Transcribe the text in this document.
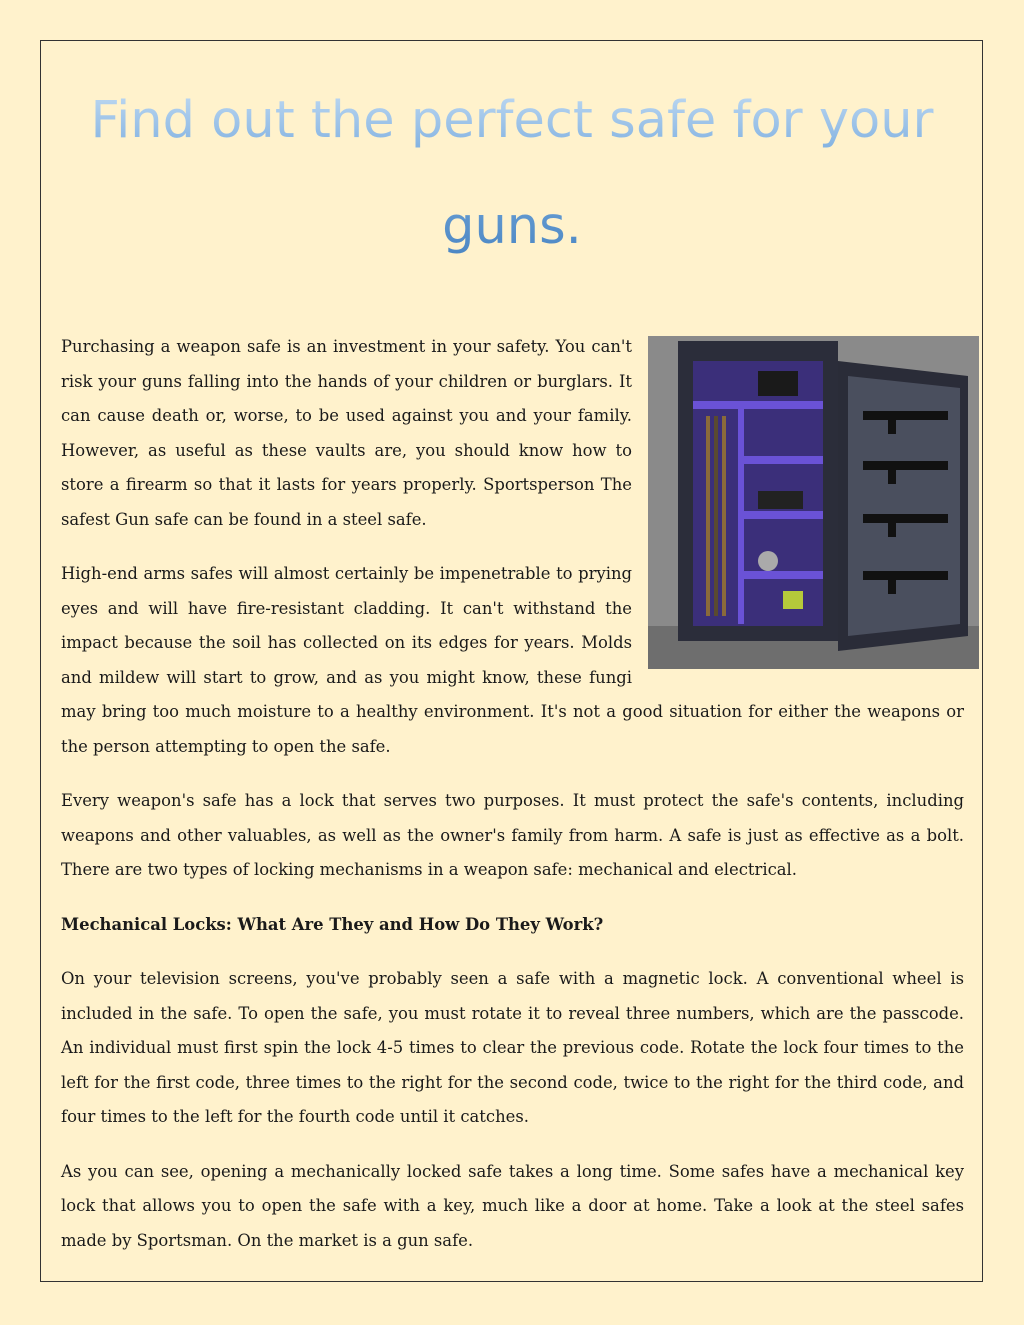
Find out the perfect safe for your guns.

Purchasing a weapon safe is an investment in your safety. You can't risk your guns falling into the hands of your children or burglars. It can cause death or, worse, to be used against you and your family. However, as useful as these vaults are, you should know how to store a firearm so that it lasts for years properly. Sportsperson The safest Gun safe can be found in a steel safe.

High-end arms safes will almost certainly be impenetrable to prying eyes and will have fire-resistant cladding. It can't withstand the impact because the soil has collected on its edges for years. Molds and mildew will start to grow, and as you might know, these fungi may bring too much moisture to a healthy environment. It's not a good situation for either the weapons or the person attempting to open the safe.

Every weapon's safe has a lock that serves two purposes. It must protect the safe's contents, including weapons and other valuables, as well as the owner's family from harm. A safe is just as effective as a bolt. There are two types of locking mechanisms in a weapon safe: mechanical and electrical.

Mechanical Locks: What Are They and How Do They Work?

On your television screens, you've probably seen a safe with a magnetic lock. A conventional wheel is included in the safe. To open the safe, you must rotate it to reveal three numbers, which are the passcode. An individual must first spin the lock 4-5 times to clear the previous code. Rotate the lock four times to the left for the first code, three times to the right for the second code, twice to the right for the third code, and four times to the left for the fourth code until it catches.

As you can see, opening a mechanically locked safe takes a long time. Some safes have a mechanical key lock that allows you to open the safe with a key, much like a door at home. Take a look at the steel safes made by Sportsman. On the market is a gun safe.
